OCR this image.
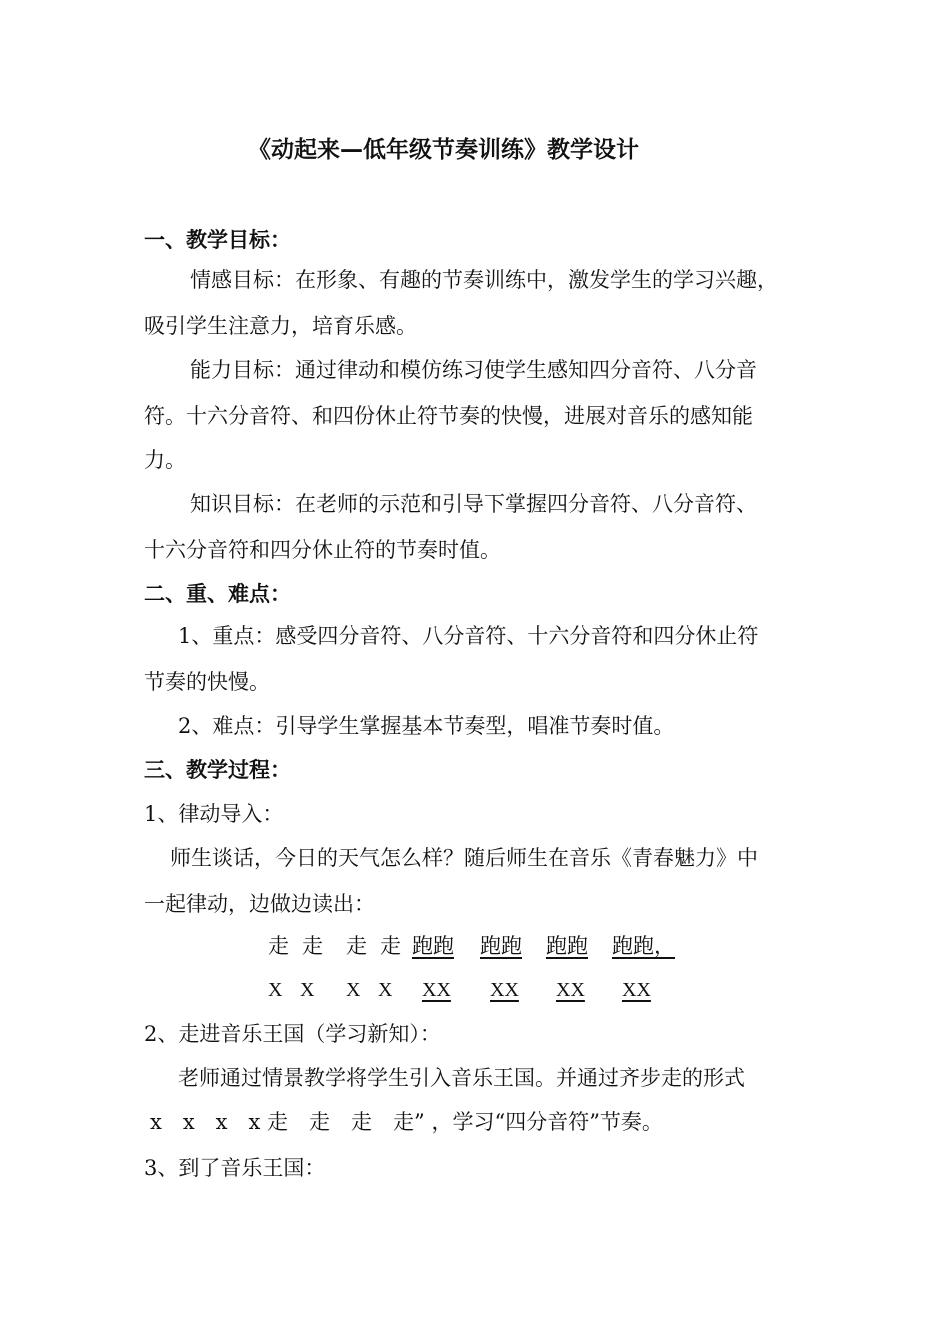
《动起来—低年级节奏训练》教学设计
一、教学目标：
情感目标：在形象、有趣的节奏训练中，激发学生的学习兴趣，
吸引学生注意力，培育乐感。
能力目标：通过律动和模仿练习使学生感知四分音符、八分音
符。十六分音符、和四份休止符节奏的快慢，进展对音乐的感知能
力。
知识目标：在老师的示范和引导下掌握四分音符、八分音符、
十六分音符和四分休止符的节奏时值。
二、重、难点：
1、重点：感受四分音符、八分音符、十六分音符和四分休止符
节奏的快慢。
2、难点：引导学生掌握基本节奏型，唱准节奏时值。
三、教学过程：
1、律动导入：
师生谈话，今日的天气怎么样？随后师生在音乐《青春魅力》中
一起律动，边做边读出：
走 走 走 走 跑跑 跑跑 跑跑 跑跑，
X X X X XX XX XX XX
2、走进音乐王国（学习新知）：
老师通过情景教学将学生引入音乐王国。并通过齐步走的形式
x　x　x　x 走　走　走　走” ，学习“四分音符”节奏。
3、到了音乐王国：
